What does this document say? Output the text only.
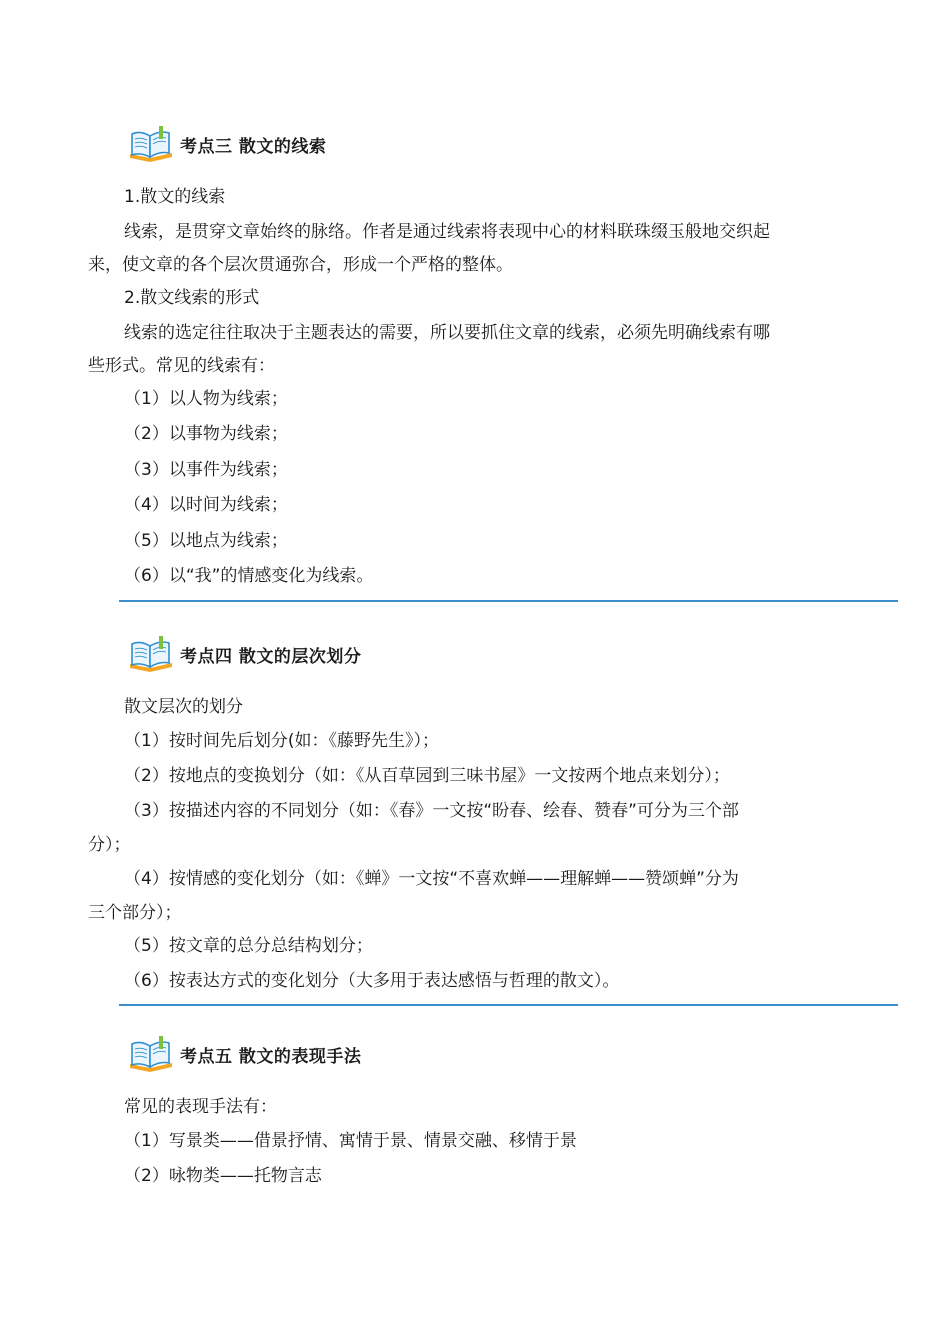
考点三 散文的线索
1.散文的线索
线索，是贯穿文章始终的脉络。作者是通过线索将表现中心的材料联珠缀玉般地交织起
来，使文章的各个层次贯通弥合，形成一个严格的整体。
2.散文线索的形式
线索的选定往往取决于主题表达的需要，所以要抓住文章的线索，必须先明确线索有哪
些形式。常见的线索有：
（1）以人物为线索；
（2）以事物为线索；
（3）以事件为线索；
（4）以时间为线索；
（5）以地点为线索；
（6）以“我”的情感变化为线索。
考点四 散文的层次划分
散文层次的划分
（1）按时间先后划分(如：《藤野先生》）；
（2）按地点的变换划分（如：《从百草园到三味书屋》一文按两个地点来划分）；
（3）按描述内容的不同划分（如：《春》一文按“盼春、绘春、赞春”可分为三个部
分）；
（4）按情感的变化划分（如：《蝉》一文按“不喜欢蝉——理解蝉——赞颂蝉”分为
三个部分）；
（5）按文章的总分总结构划分；
（6）按表达方式的变化划分（大多用于表达感悟与哲理的散文）。
考点五 散文的表现手法
常见的表现手法有：
（1）写景类——借景抒情、寓情于景、情景交融、移情于景
（2）咏物类——托物言志
